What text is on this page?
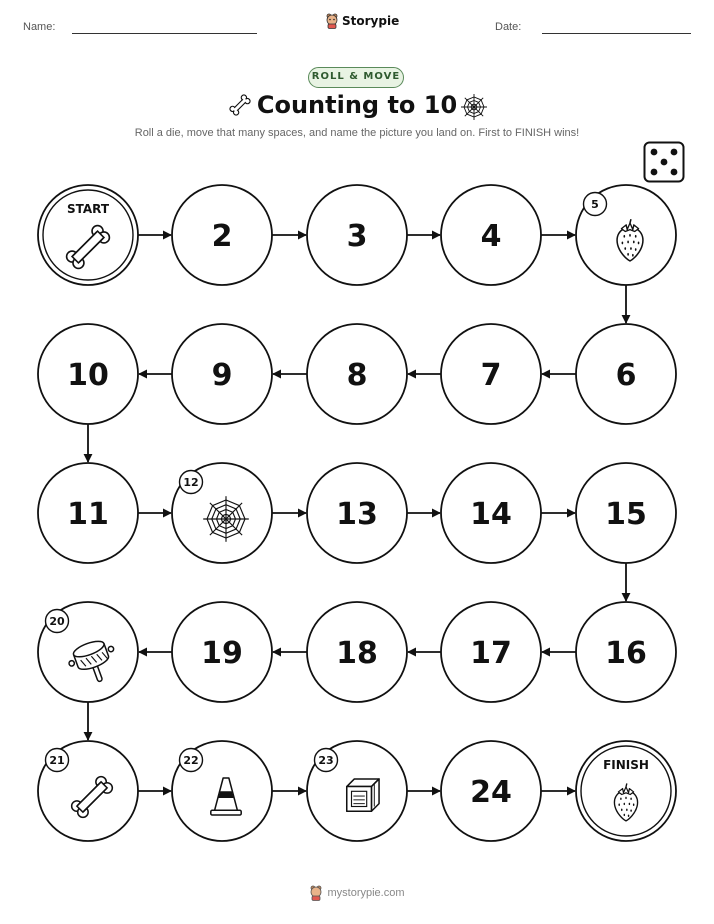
Name:	Storypie	Date:
ROLL & MOVE
Counting to 10
Roll a die, move that many spaces, and name the picture you land on. First to FINISH wins!
START
2	3	4
5
6
7
8
9
10
11
12
13	14	15
16
17
18
19
20
21	22	23
24
FINISH
mystorypie.com
